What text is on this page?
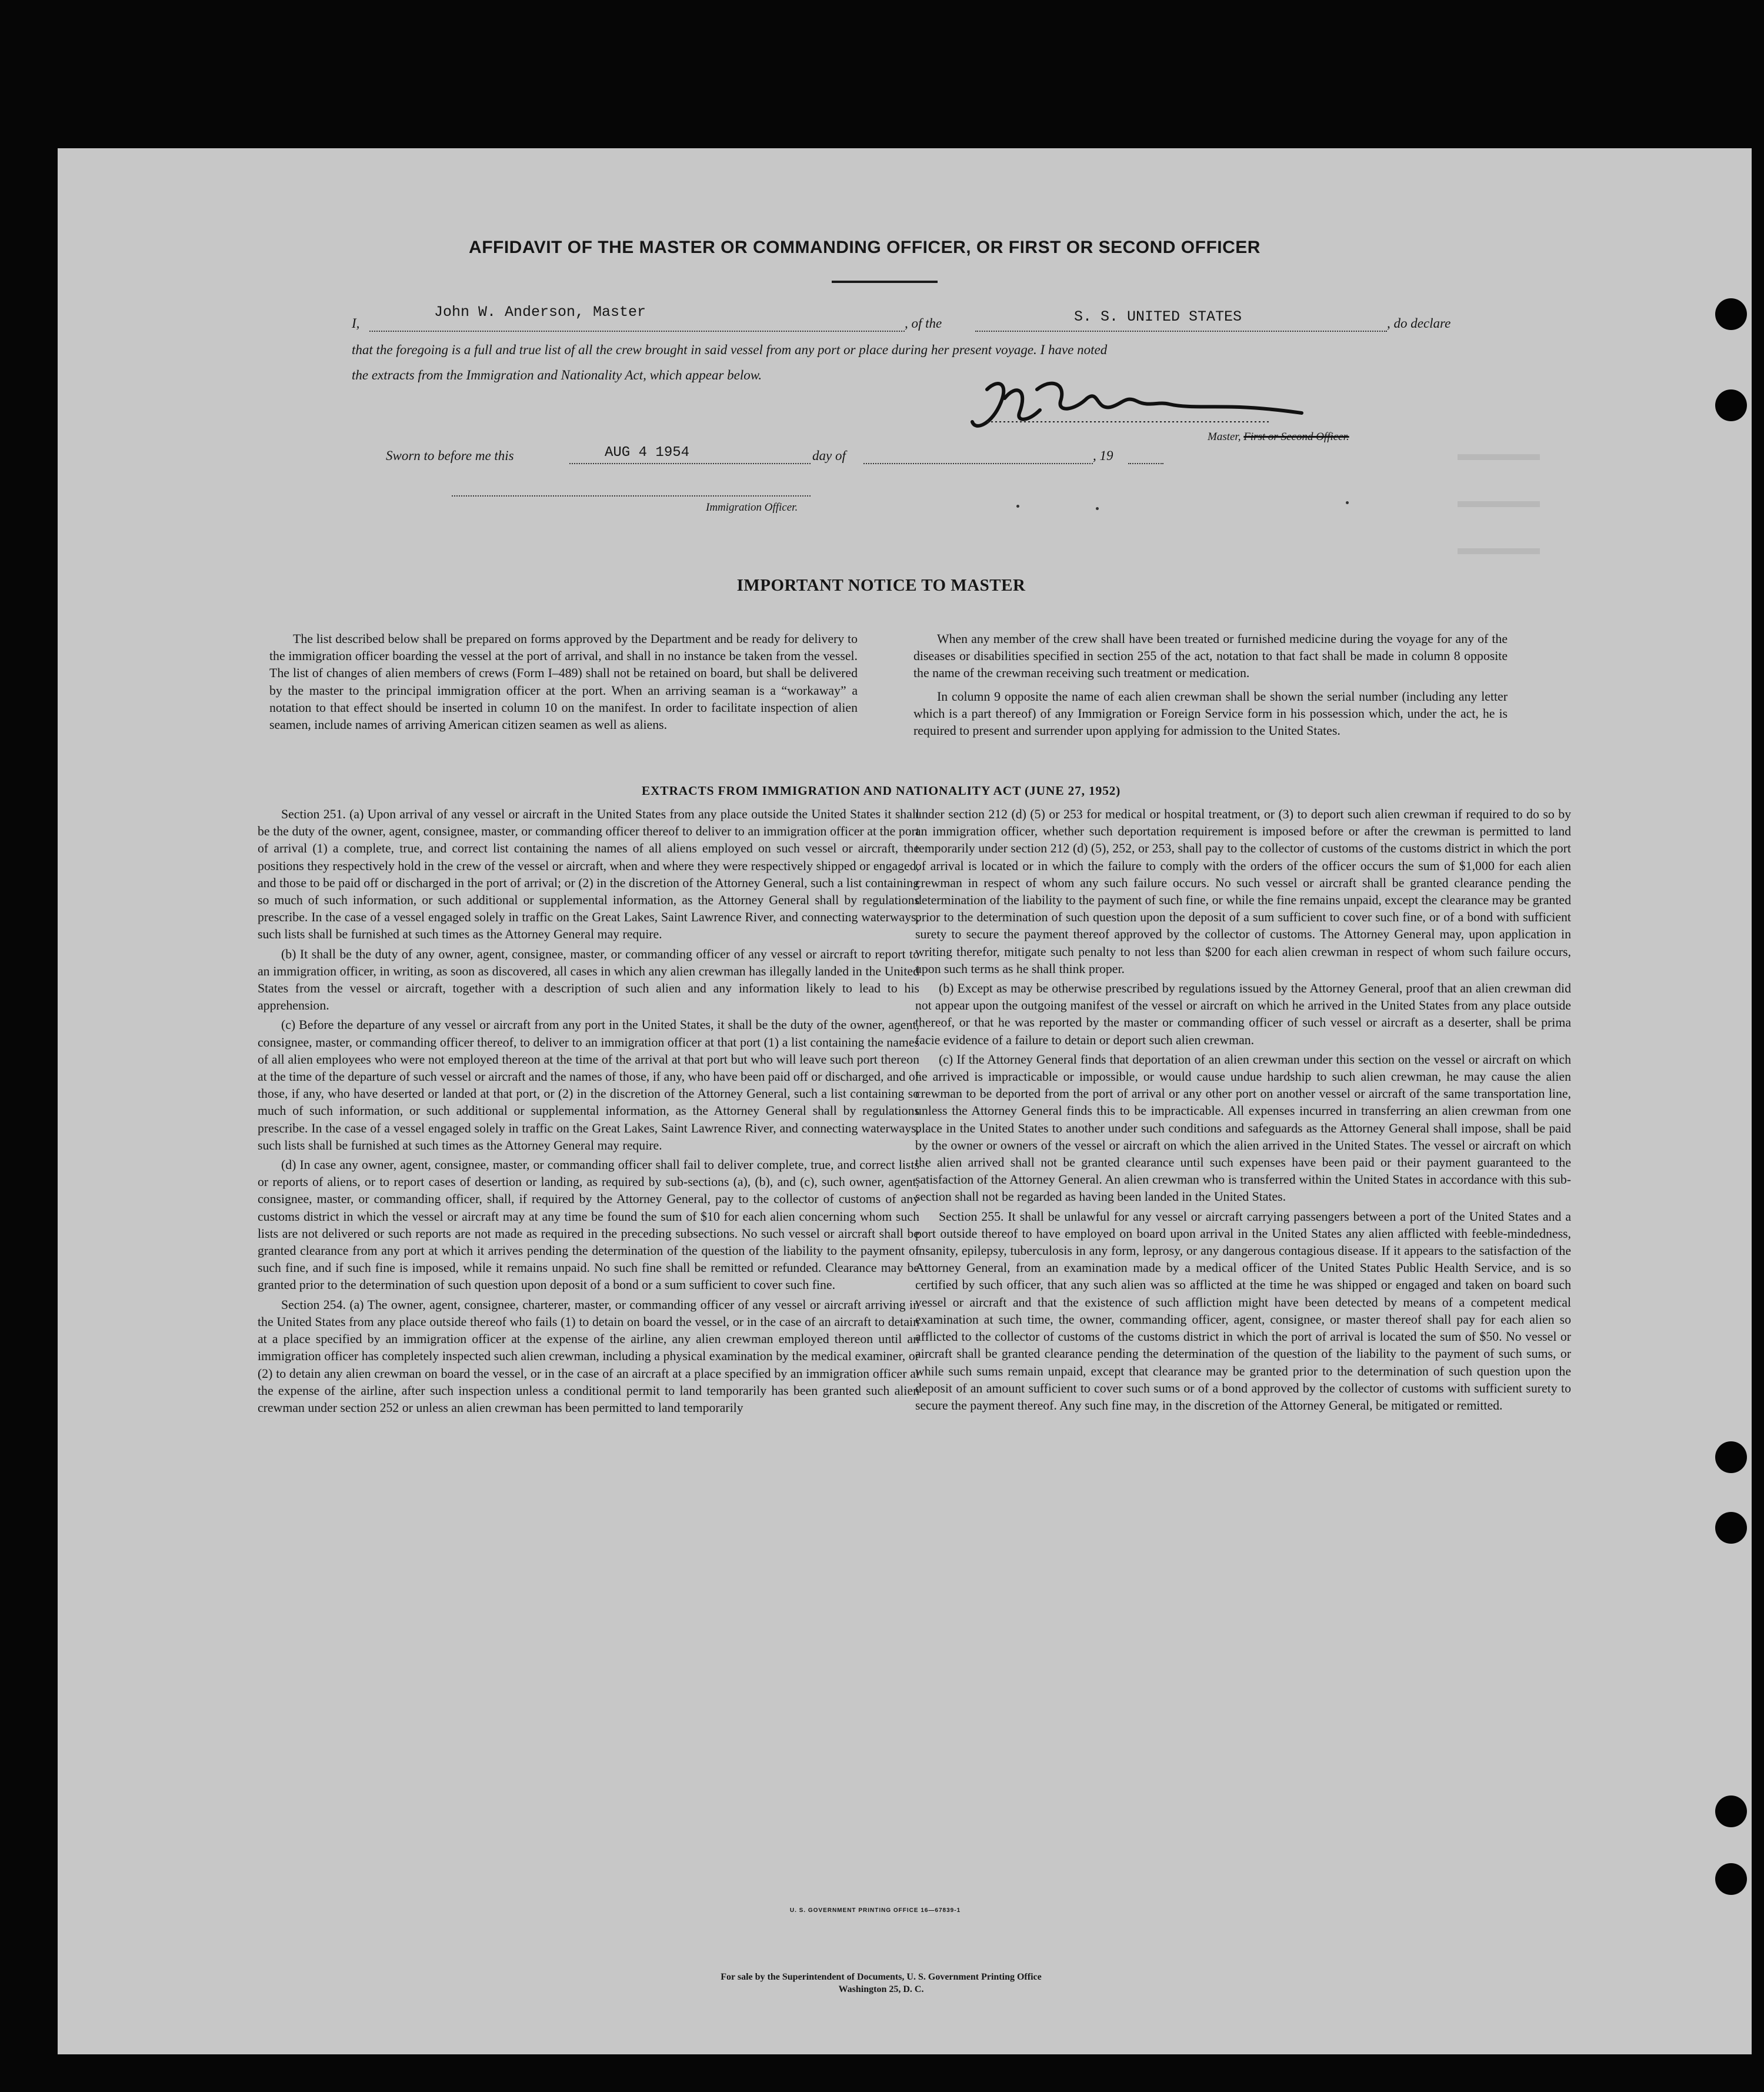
AFFIDAVIT OF THE MASTER OR COMMANDING OFFICER, OR FIRST OR SECOND OFFICER
I,
John W. Anderson, Master
, of the	S. S. UNITED STATES	, do declare
that the foregoing is a full and true list of all the crew brought in said vessel from any port or place during her present voyage. I have noted
the extracts from the Immigration and Nationality Act, which appear below.
Master, First or Second Officer.
Sworn to before me this	AUG 4 1954	day of	, 19
Immigration Officer.
IMPORTANT NOTICE TO MASTER

The list described below shall be prepared on forms approved by the Department and be ready for delivery to the immigration officer boarding the vessel at the port of arrival, and shall in no instance be taken from the vessel. The list of changes of alien members of crews (Form I–489) shall not be retained on board, but shall be delivered by the master to the principal immigration officer at the port. When an arriving seaman is a “workaway” a notation to that effect should be inserted in column 10 on the manifest. In order to facilitate inspection of alien seamen, include names of arriving American citizen seamen as well as aliens.

When any member of the crew shall have been treated or furnished medicine during the voyage for any of the diseases or disabilities specified in section 255 of the act, notation to that fact shall be made in column 8 opposite the name of the crewman receiving such treatment or medication.

In column 9 opposite the name of each alien crewman shall be shown the serial number (including any letter which is a part thereof) of any Immigration or Foreign Service form in his possession which, under the act, he is required to present and surrender upon applying for admission to the United States.

EXTRACTS FROM IMMIGRATION AND NATIONALITY ACT (JUNE 27, 1952)

Section 251. (a) Upon arrival of any vessel or aircraft in the United States from any place outside the United States it shall be the duty of the owner, agent, consignee, master, or commanding officer thereof to deliver to an immigration officer at the port of arrival (1) a complete, true, and correct list containing the names of all aliens employed on such vessel or aircraft, the positions they respectively hold in the crew of the vessel or aircraft, when and where they were respectively shipped or engaged, and those to be paid off or discharged in the port of arrival; or (2) in the discretion of the Attorney General, such a list containing so much of such information, or such additional or supplemental information, as the Attorney General shall by regulations prescribe. In the case of a vessel engaged solely in traffic on the Great Lakes, Saint Lawrence River, and connecting waterways, such lists shall be furnished at such times as the Attorney General may require.

(b) It shall be the duty of any owner, agent, consignee, master, or commanding officer of any vessel or aircraft to report to an immigration officer, in writing, as soon as discovered, all cases in which any alien crewman has illegally landed in the United States from the vessel or aircraft, together with a description of such alien and any information likely to lead to his apprehension.

(c) Before the departure of any vessel or aircraft from any port in the United States, it shall be the duty of the owner, agent, consignee, master, or commanding officer thereof, to deliver to an immigration officer at that port (1) a list containing the names of all alien employees who were not employed thereon at the time of the arrival at that port but who will leave such port thereon at the time of the departure of such vessel or aircraft and the names of those, if any, who have been paid off or discharged, and of those, if any, who have deserted or landed at that port, or (2) in the discretion of the Attorney General, such a list containing so much of such information, or such additional or supplemental information, as the Attorney General shall by regulations prescribe. In the case of a vessel engaged solely in traffic on the Great Lakes, Saint Lawrence River, and connecting waterways, such lists shall be furnished at such times as the Attorney General may require.

(d) In case any owner, agent, consignee, master, or commanding officer shall fail to deliver complete, true, and correct lists or reports of aliens, or to report cases of desertion or landing, as required by sub-sections (a), (b), and (c), such owner, agent, consignee, master, or commanding officer, shall, if required by the Attorney General, pay to the collector of customs of any customs district in which the vessel or aircraft may at any time be found the sum of $10 for each alien concerning whom such lists are not delivered or such reports are not made as required in the preceding subsections. No such vessel or aircraft shall be granted clearance from any port at which it arrives pending the determination of the question of the liability to the payment of such fine, and if such fine is imposed, while it remains unpaid. No such fine shall be remitted or refunded. Clearance may be granted prior to the determination of such question upon deposit of a bond or a sum sufficient to cover such fine.

Section 254. (a) The owner, agent, consignee, charterer, master, or commanding officer of any vessel or aircraft arriving in the United States from any place outside thereof who fails (1) to detain on board the vessel, or in the case of an aircraft to detain at a place specified by an immigration officer at the expense of the airline, any alien crewman employed thereon until an immigration officer has completely inspected such alien crewman, including a physical examination by the medical examiner, or (2) to detain any alien crewman on board the vessel, or in the case of an aircraft at a place specified by an immigration officer at the expense of the airline, after such inspection unless a conditional permit to land temporarily has been granted such alien crewman under section 252 or unless an alien crewman has been permitted to land temporarily

under section 212 (d) (5) or 253 for medical or hospital treatment, or (3) to deport such alien crewman if required to do so by an immigration officer, whether such deportation requirement is imposed before or after the crewman is permitted to land temporarily under section 212 (d) (5), 252, or 253, shall pay to the collector of customs of the customs district in which the port of arrival is located or in which the failure to comply with the orders of the officer occurs the sum of $1,000 for each alien crewman in respect of whom any such failure occurs. No such vessel or aircraft shall be granted clearance pending the determination of the liability to the payment of such fine, or while the fine remains unpaid, except the clearance may be granted prior to the determination of such question upon the deposit of a sum sufficient to cover such fine, or of a bond with sufficient surety to secure the payment thereof approved by the collector of customs. The Attorney General may, upon application in writing therefor, mitigate such penalty to not less than $200 for each alien crewman in respect of whom such failure occurs, upon such terms as he shall think proper.

(b) Except as may be otherwise prescribed by regulations issued by the Attorney General, proof that an alien crewman did not appear upon the outgoing manifest of the vessel or aircraft on which he arrived in the United States from any place outside thereof, or that he was reported by the master or commanding officer of such vessel or aircraft as a deserter, shall be prima facie evidence of a failure to detain or deport such alien crewman.

(c) If the Attorney General finds that deportation of an alien crewman under this section on the vessel or aircraft on which he arrived is impracticable or impossible, or would cause undue hardship to such alien crewman, he may cause the alien crewman to be deported from the port of arrival or any other port on another vessel or aircraft of the same transportation line, unless the Attorney General finds this to be impracticable. All expenses incurred in transferring an alien crewman from one place in the United States to another under such conditions and safeguards as the Attorney General shall impose, shall be paid by the owner or owners of the vessel or aircraft on which the alien arrived in the United States. The vessel or aircraft on which the alien arrived shall not be granted clearance until such expenses have been paid or their payment guaranteed to the satisfaction of the Attorney General. An alien crewman who is transferred within the United States in accordance with this sub-section shall not be regarded as having been landed in the United States.

Section 255. It shall be unlawful for any vessel or aircraft carrying passengers between a port of the United States and a port outside thereof to have employed on board upon arrival in the United States any alien afflicted with feeble-mindedness, insanity, epilepsy, tuberculosis in any form, leprosy, or any dangerous contagious disease. If it appears to the satisfaction of the Attorney General, from an examination made by a medical officer of the United States Public Health Service, and is so certified by such officer, that any such alien was so afflicted at the time he was shipped or engaged and taken on board such vessel or aircraft and that the existence of such affliction might have been detected by means of a competent medical examination at such time, the owner, commanding officer, agent, consignee, or master thereof shall pay for each alien so afflicted to the collector of customs of the customs district in which the port of arrival is located the sum of $50. No vessel or aircraft shall be granted clearance pending the determination of the question of the liability to the payment of such sums, or while such sums remain unpaid, except that clearance may be granted prior to the determination of such question upon the deposit of an amount sufficient to cover such sums or of a bond approved by the collector of customs with sufficient surety to secure the payment thereof. Any such fine may, in the discretion of the Attorney General, be mitigated or remitted.

U. S. GOVERNMENT PRINTING OFFICE 16—67839-1
For sale by the Superintendent of Documents, U. S. Government Printing Office
Washington 25, D. C.
